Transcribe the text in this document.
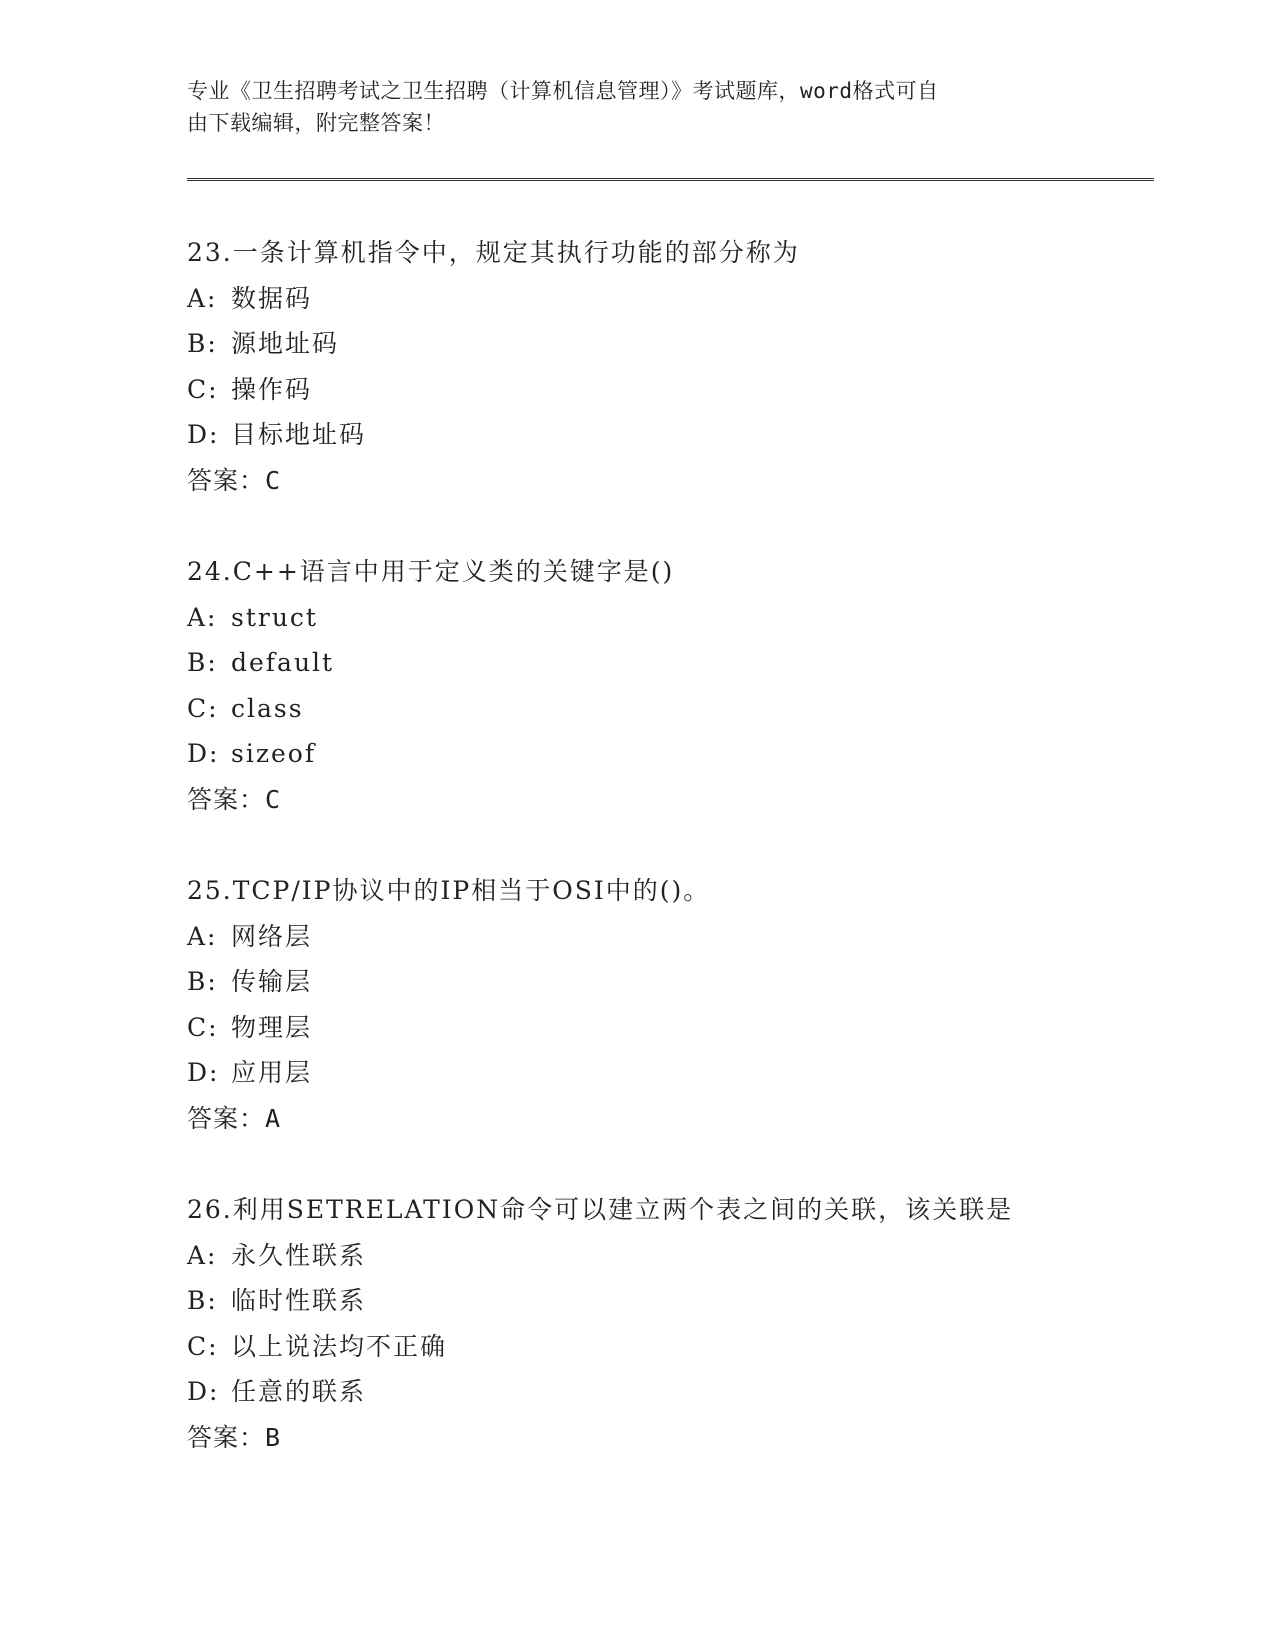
专业《卫生招聘考试之卫生招聘（计算机信息管理）》考试题库，word格式可自
由下载编辑，附完整答案！
23.一条计算机指令中，规定其执行功能的部分称为
A: 数据码
B: 源地址码
C: 操作码
D: 目标地址码
答案：C
24.C++语言中用于定义类的关键字是()
A: struct
B: default
C: class
D: sizeof
答案：C
25.TCP/IP协议中的IP相当于OSI中的()。
A: 网络层
B: 传输层
C: 物理层
D: 应用层
答案：A
26.利用SETRELATION命令可以建立两个表之间的关联，该关联是
A: 永久性联系
B: 临时性联系
C: 以上说法均不正确
D: 任意的联系
答案：B
